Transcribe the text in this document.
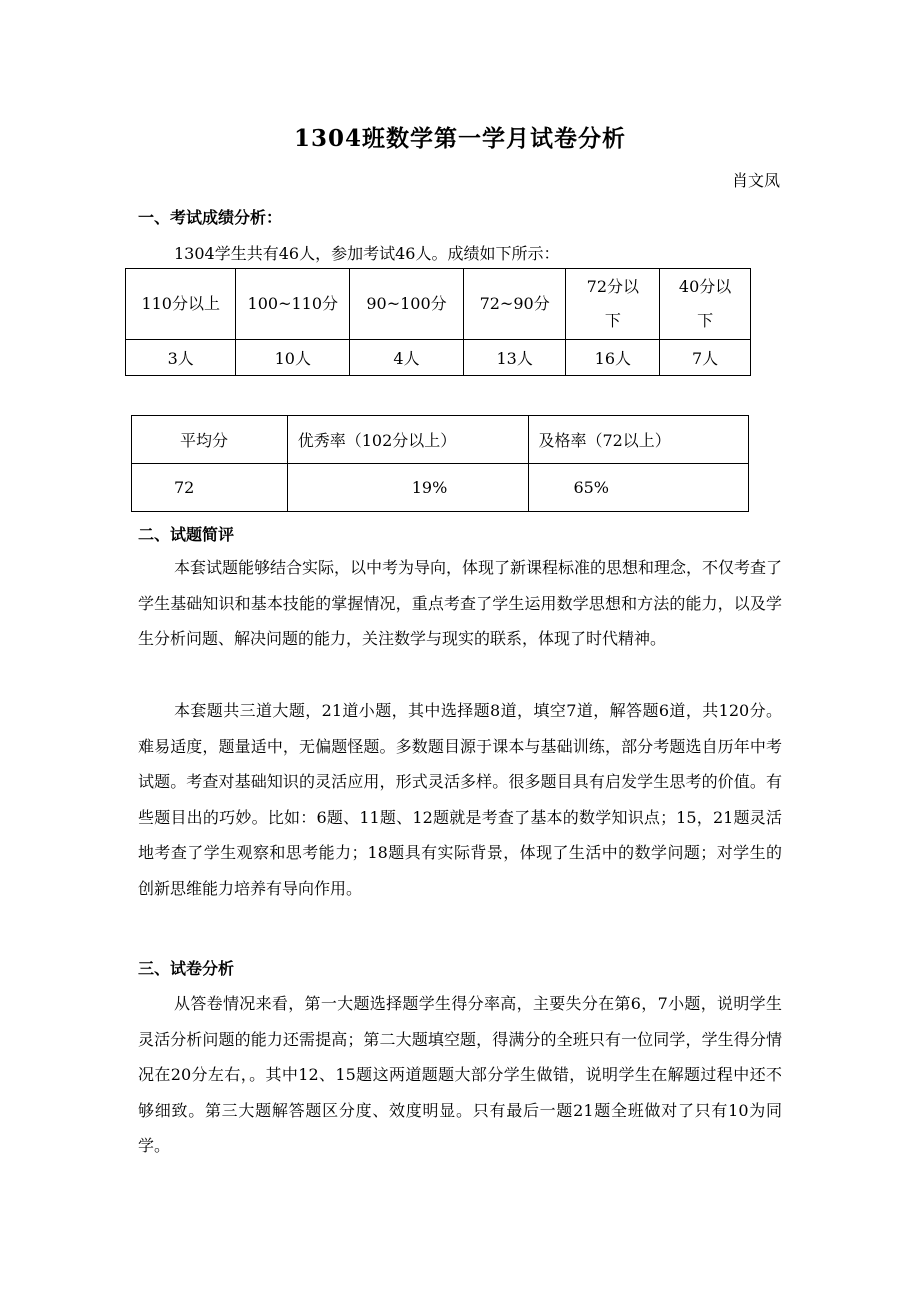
1304班数学第一学月试卷分析
肖文凤
一、考试成绩分析：
1304学生共有46人，参加考试46人。成绩如下所示：
110分以上	100~110分	90~100分	72~90分	72分以下	40分以下

3人	10人	4人	13人	16人	7人
平均分	优秀率（102分以上）	及格率（72以上）
72	19%	65%
二、试题简评

本套试题能够结合实际，以中考为导向，体现了新课程标准的思想和理念，不仅考查了学生基础知识和基本技能的掌握情况，重点考查了学生运用数学思想和方法的能力，以及学生分析问题、解决问题的能力，关注数学与现实的联系，体现了时代精神。

本套题共三道大题，21道小题，其中选择题8道，填空7道，解答题6道，共120分。难易适度，题量适中，无偏题怪题。多数题目源于课本与基础训练，部分考题选自历年中考试题。考查对基础知识的灵活应用，形式灵活多样。很多题目具有启发学生思考的价值。有些题目出的巧妙。比如：6题、11题、12题就是考查了基本的数学知识点；15，21题灵活地考查了学生观察和思考能力；18题具有实际背景，体现了生活中的数学问题；对学生的创新思维能力培养有导向作用。

三、试卷分析

从答卷情况来看，第一大题选择题学生得分率高，主要失分在第6，7小题，说明学生灵活分析问题的能力还需提高；第二大题填空题，得满分的全班只有一位同学，学生得分情况在20分左右，。其中12、15题这两道题题大部分学生做错，说明学生在解题过程中还不够细致。第三大题解答题区分度、效度明显。只有最后一题21题全班做对了只有10为同学。
